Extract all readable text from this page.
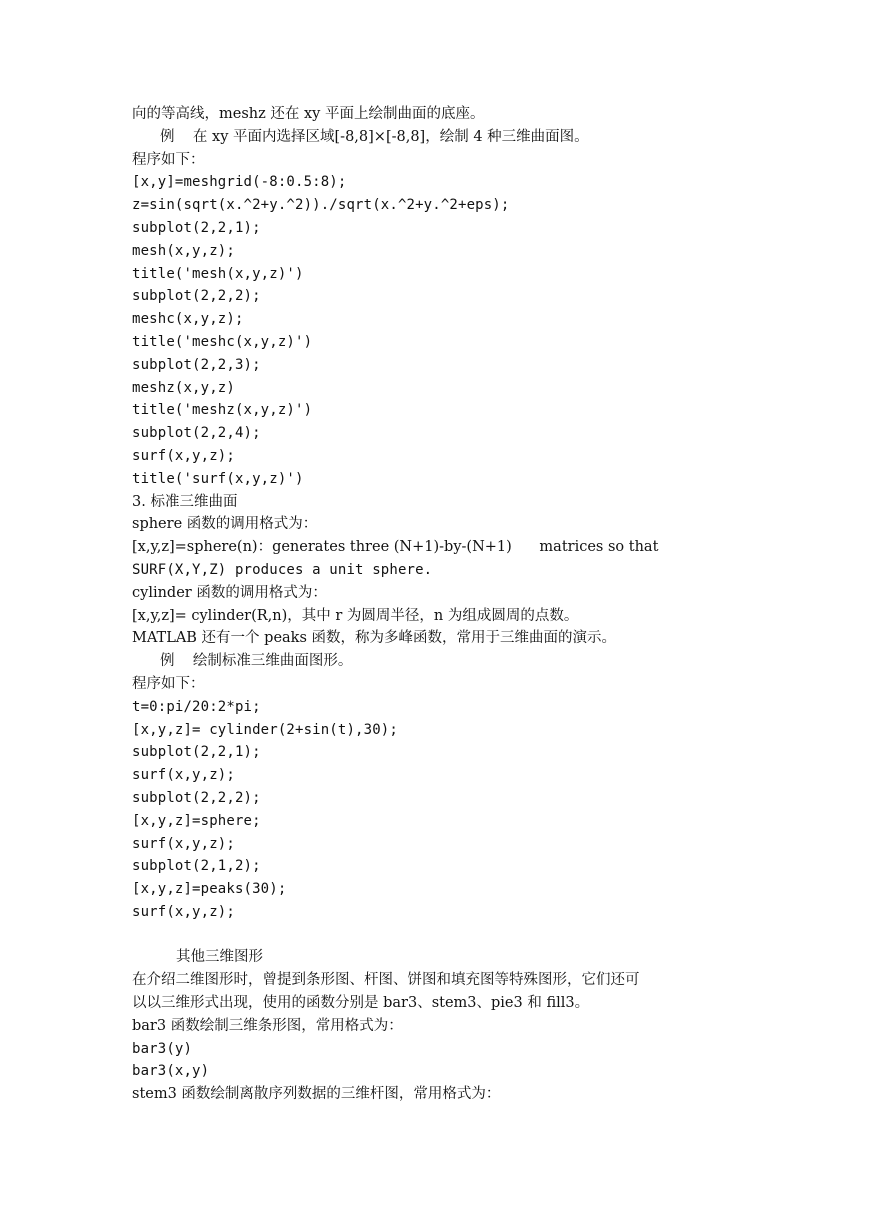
向的等高线，meshz 还在 xy 平面上绘制曲面的底座。
例    在 xy 平面内选择区域[-8,8]×[-8,8]，绘制 4 种三维曲面图。
程序如下：
[x,y]=meshgrid(-8:0.5:8);
z=sin(sqrt(x.^2+y.^2))./sqrt(x.^2+y.^2+eps);
subplot(2,2,1);
mesh(x,y,z);
title('mesh(x,y,z)')
subplot(2,2,2);
meshc(x,y,z);
title('meshc(x,y,z)')
subplot(2,2,3);
meshz(x,y,z)
title('meshz(x,y,z)')
subplot(2,2,4);
surf(x,y,z);
title('surf(x,y,z)')
3. 标准三维曲面
sphere 函数的调用格式为：
[x,y,z]=sphere(n)：generates three (N+1)-by-(N+1)      matrices so that
SURF(X,Y,Z) produces a unit sphere.
cylinder 函数的调用格式为：
[x,y,z]= cylinder(R,n)，其中 r 为圆周半径，n 为组成圆周的点数。
MATLAB 还有一个 peaks 函数，称为多峰函数，常用于三维曲面的演示。
例    绘制标准三维曲面图形。
程序如下：
t=0:pi/20:2*pi;
[x,y,z]= cylinder(2+sin(t),30);
subplot(2,2,1);
surf(x,y,z);
subplot(2,2,2);
[x,y,z]=sphere;
surf(x,y,z);
subplot(2,1,2);
[x,y,z]=peaks(30);
surf(x,y,z);
其他三维图形
在介绍二维图形时，曾提到条形图、杆图、饼图和填充图等特殊图形，它们还可
以以三维形式出现，使用的函数分别是 bar3、stem3、pie3 和 fill3。
bar3 函数绘制三维条形图，常用格式为：
bar3(y)
bar3(x,y)
stem3 函数绘制离散序列数据的三维杆图，常用格式为：
